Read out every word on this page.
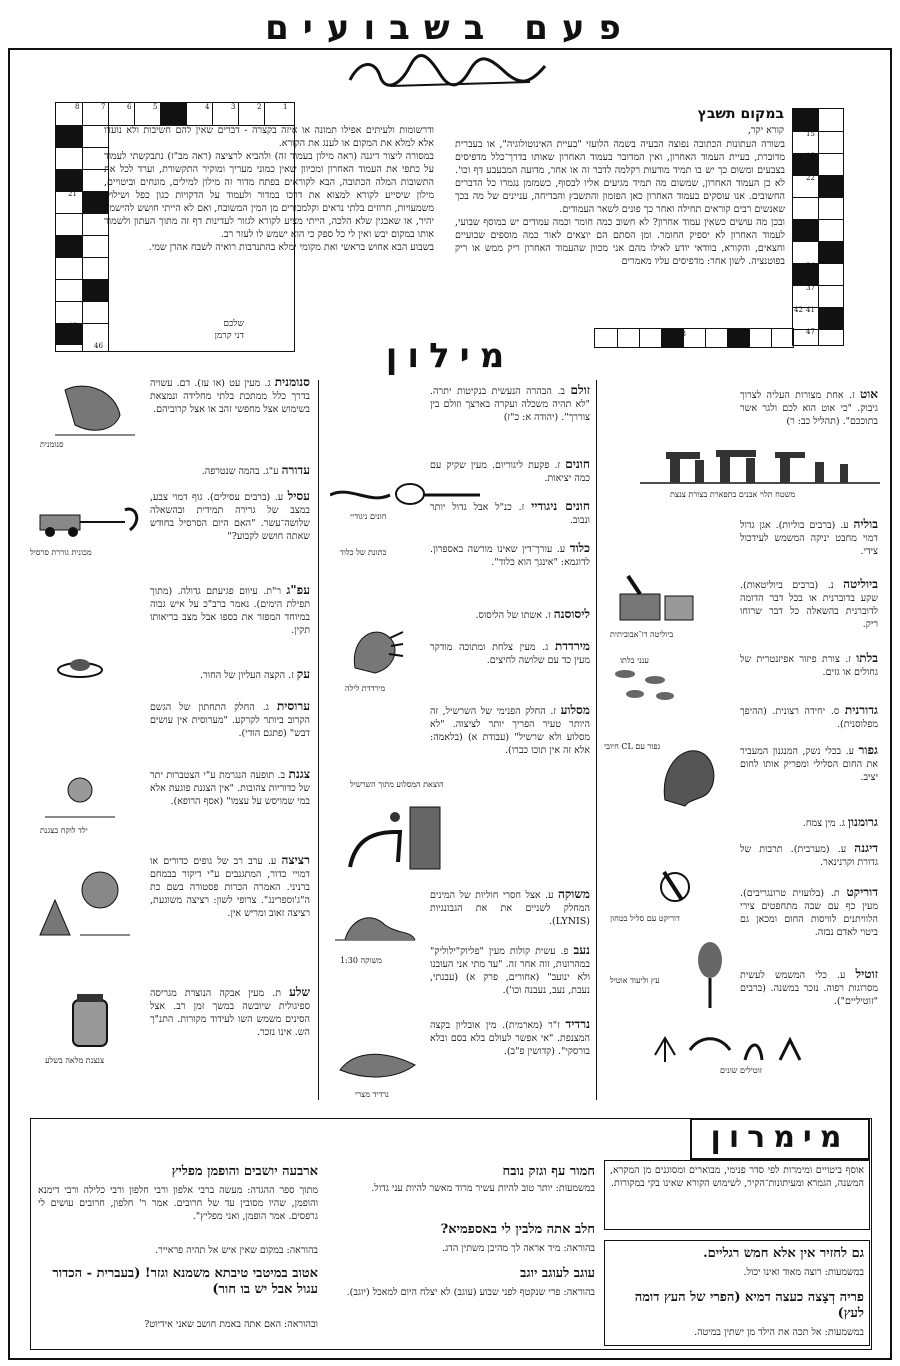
פעם בשבועים
15
18
22
34
37
41
42
47
48
8	7	6	5	4	3	2	1
21
40
46
במקום תשבץ
קורא יקר,
בשורה העתונות הכתובה נפוצה הבעיה בשמה הלועזי "בעיית האינוטולוגיה", או בעברית מדוברת, בעיית העמוד האחרון, ואין המדובר בעמוד האחרון שאותו בדרך־כלל מדפיסים בצבעים ומשום כך יש בו תמיד מודעות רקלמה לדבר זה או אחר, מדועה המבעבע דף וכו'. לא כן העמוד האחרון, שמשום מה תמיד מגיעים אליו לבסוף, כשמזמן נגמרו כל הדברים החשובים. אנו עוסקים בעמוד האחרון כאן הפזמון והתשבץ והבדיחה, עניינים של מה בכך שאנשים רבים קוראים תחילה ואחר כך פונים לשאר העמודים.
ובכן מה עושים כשאין עמוד אחרון? לא חשוב כמה חומר וכמה עמודים יש במוסף שבועי, לעמוד האחרון לא יספיק החומר. ומן הסתם הם יוצאים לאור כמה מוספים שבועיים וחצאים, והקורא, בוודאי יודע לאילו מהם אני מכוון שהעמוד האחרון ריק ממש או ריק בפוטנציה. לשון אחר: מדפיסים עליו מאמרים
ודרשומות ולעיתים אפילו תמונה או איזה בקצרה - דברים שאין להם חשיבות ולא נועדו אלא למלא את המקום או לענג את הקורא.
במסורה ליצור דיגנה (ראה מילון בעמוד זה) ולהביא לרציצה (ראה מב"ז) נתבקשתי לעמוד על כתפי את העמוד האחרון ומכיוון שאין כמוני מעריך ומוקיר התקשורת, וערד לכל את התשובות המלה הכתובה, הבא לקוראים בפתח מדור זה מילון למילים, מונחים וביטויים, מילון שיסייע לקורא למצוא את דרכו במדור ולעמוד על הדקויות כגון כפל ושילוש משמעויות, חרוזים בלתי נראים וקלמבורים מן המין המשובח, ואם לא הייתי חושש להישמע יהיר, או שאבגין שלא הלכה, הייתי מציע לקורא לגזור לעדינות דף זה מתוך העתון ולשמור אותו במקום יבש ואין לי כל ספק כי הוא ישמש לו לעזר רב.
בשבוע הבא אחוש בראשי ואת מקומי ימלא בהתנדבות רואיה לשבח אהרן שמי.
שלכם
דני קרמן	מילון
אוט ז. אחת מצורות העליה לצרוך גיבוק. "כי אוט הוא לכם ולגר אשר בתוככם". (תהליל כב: ר)
בוליה ע. (ברבים בוליות). אגן גדול דמוי מחבט יניקה המשמש לעידכול צידי.
ביוליטה נ. (ברבים ביוליטאות). שקע בדוברנית או בכל דבר הדומה לדוברנית בהשאלה כל דבר שרוחו ריק.
בלתו ז. צורת פיזור אפיזנטרית של גחולים או גזים.
גדורנית ס. יחידה רצונית. (ההיפך מפלוסנית).
גפור ע. בכלי נשק, המנגנון המעביר את החום הסלילי ומפריק אותו לחום יציב.
גרומנון ג. מין צמח.
דיגנה ע. (מערבית). תרבות של גדורת וקרנינאר.
דוריקט ת. (בלועזית טרונגריבים). מעין כף עם שבה מתחפטים צירי הלוויתנים לוויסות החום ומכאן גם ביטוי לאדם נבזה.
זוטיל ע. כלי המשמש לעשית מסרוגות רפוה. נזכר במשנה. (ברבים "זוטיליים").
זולם ב. הבהרה הנעשית בנקיטות יתרה. "לא תהיה משכלה ועקרה בארצך וזולם בין צוררך". (יהודה א: כ"ז)
חונים ז. פקעת ליגוריום. מעין שקיק עם כמה יציאות.
חונים ניגודיי ז. כנ"ל אבל גדול יותר ונבוב.
כלוד ע. עורך־דין שאינו מורשה באספרון. לדוגמא: "אינגך הוא כלוד".
ליסוסנה ז. אשתו של הליסוס.
מירדדת ג. מעין צלחת ומתוכה מודקר מעין כד עם שלושה לחיצים.
מסלוע ז. החלק הפנימי של השרשיל, זה היותר טעיר הפריך יותר לציצוה. "לא מסלוע ולא שרשיל" (עבודת א) (בלאמה: אלא זה אין תוכו כברו).
משוקה ע. אצל חסרי חוליות של המינים המחלק לשניים את את הגבונגיות (LYNIS).
נעב פ. עשית קולות מעין "פליוק"ילוליק" במהרונות, זוה אחר זה. "עד מתי אני העובנו ולא ינועב" (אחורים, פרק א) (עבנתי, נעבת, נעב, נעבנה וכו').
נרדיד ז"ר (מארמית). מין אובליון בקצה המצנפת. "אי אפשר לעולם בלא בסם ובלא בורסקי". (קדושין פ"ב).
סנומנית ג. מעין עט (או עז). דם. עשויה בדרך כלל ממתכת בלתי מחלידה ונמצאת בשימוש אצל מחפשי זהב או אצל קרוביהם.
עדורה ע"ג. בהמה שנטרפה.
עסיל ע. (ברבים עסילים). גוף דמוי צבע, במצב של גרירה תמידית ובהשאלה שלושה־עשר. "האם היום הסרסיל בחודש שאתה חושש לקבוע?"
עפ"ג ר"ת. עיוום פגיעתם גדולה. (מתוך תפילת הימים). נאמר ברב"כ על איש גבוה במיוחד המפזר את כספו אבל מצב בריאותו תקין.
עק ז. הקצה העליון של החור.
ערוסית ג. החלק התחתון של הגשם הקרוב ביותר לקרקע. "מערוסית אין עושים דבש" (פתגם הודי).
צגנת ב. תופעה הנגרמת ע"י הצטברות יתר של כדוריות צהובות. "אין הצגנת פוגעת אלא במי שמויסש על עצמו" (אסף הרופא).
רציצה ע. ערב רב של גופים כדורים או דמויי כדור, המתגנבים ע"י דיקור בבמחם ברניני. האמרה הכרות פסטורה בשם כת ה"ג'וספרינג". צרופי לשון: רציצה משוגעת, רציצה זאוב ומריש אין.
שלע ת. מעין אבקה הנוצרת מגריסה ספיגולית שיובשה במשך זמן רב. אצל הסינים משמש השו לעידוד מקורות. התנ"ך הש. אינו נזכר.
משטח תלוי אבנים בתפארת בצורת צנצת
ביוליטה דו־אבוביתית
ענני בלתו
גפור עם CL חיובי
דוריקט עם סליל בטחון
עץ וליעוד אוטיל
זוטילים שונים
חונים ניגודיי
כתונת של כלוד
מירדדת לילה
הוצאת המסלוע מתוך השרשיל
משוקה 1:30
נרדיד מצרי
סנומנית
מכונית גוררת סרסיל
ילד לוקח בצגנת
צנצנת מלאה בשלע
מימרון
אוסף ביטויים ומימרות לפי סדר פנימי, מבוארים ומסוגנים מן המקרא, המשנה, הגמרא ומעיתונות־הקיר, לשימוש הקורא שאינו בקי במקורות.
גם לחזיר אין אלא חמש רגליים.
במשמעות: רוצה מאוד ואינו יכול.
פריה דְצָצה כעצה דמיא (הפרי של העץ דומה לעץ)
במשמעות: אל תכה את הילד מן ישתין במיטה.
חמור עף וגזק נובח
במשמעות: יותר טוב להיות עשיר מרוד מאשר להיות עני גדול.
חלב אתה מלבין לי באספמיא?
בהוראה: מיד אראה לך מהיכן משתין הדג.
עוגב לעוגב יוגב
בהוראה: פרי שנקטף לפני שבוע (עוגב) לא יצלח היום למאכל (יוגב).
ארבעה יושבים והופמן מפליץ
מתוך ספר ההגדה: מעשה ברבי אלפון ורבי חלפון ורבי כלילה ורבי דימנא והופמן, שהיו מסובין עד של חרובים. אמר ר' חלפון, חרובים עושים לי גרפסים. אמר הופמן, ואני מפליץ".
בהוראה: במקום שאין איש אל תהיה פראייר.
אטוב במיטבי טיבתא משמנא וגזר! (בעברית - הכדור עגול אבל יש בו חור)
ובהוראה: האם אתה באמת חושב שאני אידיוט?
